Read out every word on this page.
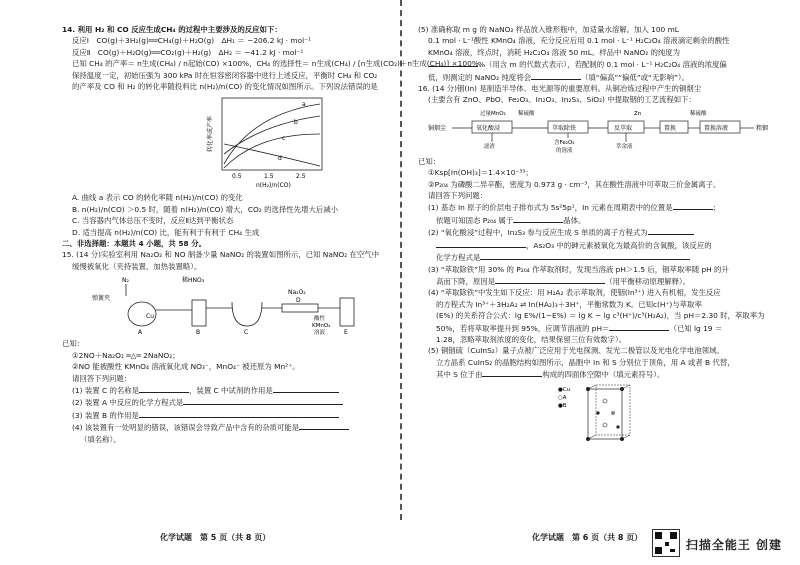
14. 利用 H₂ 和 CO 反应生成CH₄ 的过程中主要涉及的反应如下：
反应Ⅰ　CO(g)＋3H₂(g)══CH₄(g)＋H₂O(g)　ΔH₁ ＝ −206.2 kJ · mol⁻¹
反应Ⅱ　CO(g)＋H₂O(g)══CO₂(g)＋H₂(g)　ΔH₂ ＝ −41.2 kJ · mol⁻¹
已知 CH₄ 的产率＝ n生成(CH₄) / n起始(CO) ×100%，CH₄ 的选择性＝ n生成(CH₄) / [n生成(CO₂)＋n生成(CH₄)] ×100%。
保持温度一定，初始压强为 300 kPa 时在恒容密闭容器中进行上述反应，平衡时 CH₄ 和 CO₂
的产率及 CO 和 H₂ 的转化率随投料比 n(H₂)/n(CO) 的变化情况如图所示。下列说法错误的是
转化率或产率
a
b
c
d
0.5	1.5	2.5
n(H₂)/n(CO)
A. 曲线 a 表示 CO 的转化率随 n(H₂)/n(CO) 的变化
B. n(H₂)/n(CO) ＞0.5 时，随着 n(H₂)/n(CO) 增大，CO₂ 的选择性先增大后减小
C. 当容器内气体总压不变时，反应Ⅱ达到平衡状态
D. 适当提高 n(H₂)/n(CO) 比，能有利于有利于 CH₄ 生成
二、非选择题：本题共 4 小题，共 58 分。
15. (14 分)实验室利用 Na₂O₂ 和 NO 制备少量 NaNO₂ 的装置如图所示，已知 NaNO₂ 在空气中
缓慢被氧化（夹持装置、加热装置略）。
N₂
弹簧夹
稀HNO₃
Cu
Na₂O₂
酸性
KMnO₄
溶液
A	B	C
D
E
已知：
①2NO＋Na₂O₂ ═△═ 2NaNO₂；
②NO 能被酸性 KMnO₄ 溶液氧化成 NO₃⁻，MnO₄⁻ 被还原为 Mn²⁺。
请回答下列问题：
(1) 装置 C 的名称是	，装置 C 中试剂的作用是
(2) 装置 A 中反应的化学方程式是
(3) 装置 B 的作用是
(4) 该装置有一处明显的错误，该错误会导致产品中含有的杂质可能是
（填名称）。
化学试题　第 5 页（共 8 页）
(5) 准确称取 m g 的 NaNO₂ 样品放入锥形瓶中，加适量水溶解。加入 100 mL
0.1 mol · L⁻¹酸性 KMnO₄ 溶液，充分反应后用 0.1 mol · L⁻¹ H₂C₂O₄ 溶液滴定剩余的酸性
KMnO₄ 溶液，终点时，消耗 H₂C₂O₄ 溶液 50 mL。样品中 NaNO₂ 的纯度为
%（用含 m 的代数式表示），若配制的 0.1 mol · L⁻¹ H₂C₂O₄ 溶液的浓度偏
低，则测定的 NaNO₂ 纯度将会	（填“偏高”“偏低”或“无影响”）。
16. (14 分)铟(In) 是制造半导体、电光源等的重要原料。从铜冶炼过程中产生的铜烟尘
(主要含有 ZnO、PbO、Fe₂O₃、In₂O₃、In₂S₃、SiO₂) 中提取铟的工艺流程如下：
过量MnO₂ 稀硫酸	Zn	稀硫酸
铜烟尘	氧化酸浸	萃取除铁	反萃取	置换	置换溶液	粗铟
滤渣
含Fe₂O₃
的溶液
萃余液
已知：
①Ksp[In(OH)₃]＝1.4×10⁻³³；
②P₂₀₄ 为磷酸二异辛酯，密度为 0.973 g · cm⁻³，其在酸性溶液中可萃取三价金属离子。
请回答下列问题：
(1) 基态 In 原子的价层电子排布式为 5s²5p¹，In 元素在周期表中的位置是	；
依题可知固态 P₂₀₄ 属于	晶体。
(2) “氧化酸浸”过程中，In₂S₃ 参与反应生成 S 单质的离子方程式为
，As₂O₃ 中的砷元素被氧化为最高价的含氧酸，该反应的
化学方程式是
(3) “萃取除铁”用 30% 的 P₂₀₄ 作萃取剂时，发现当溶液 pH＞1.5 后，铟萃取率随 pH 的升
高而下降，原因是	（用平衡移动原理解释）。
(4) “萃取除铁”中发生如下反应：用 H₂A₂ 表示萃取剂，使铟(In³⁺) 进入有机相，发生反应
的方程式为 In³⁺＋3H₂A₂ ⇌ In(HA₂)₃＋3H⁺，平衡常数为 K。已知c(H⁺)与萃取率
(E%) 的关系符合公式：lg E%/(1−E%) ＝ lg K − lg c³(H⁺)/c³(H₂A₂)，当 pH＝2.30 时，萃取率为
50%，若将萃取率提升到 95%，应调节溶液的 pH＝	（已知 lg 19 ＝
1.28，忽略萃取剂浓度的变化，结果保留三位有效数字）。
(5) 铜铟硫（CuInS₂）量子点被广泛应用于光电探测、发光二极管以及光电化学电池领域。
立方晶系 CuInS₂ 的晶胞结构如图所示，晶胞中 In 和 S 分别位于顶角，用 A 或者 B 代替，
其中 S 位于由	构成的四面体空隙中（填元素符号）。
●Cu
○A
●B
化学试题　第 6 页（共 8 页）
扫描全能王 创建
